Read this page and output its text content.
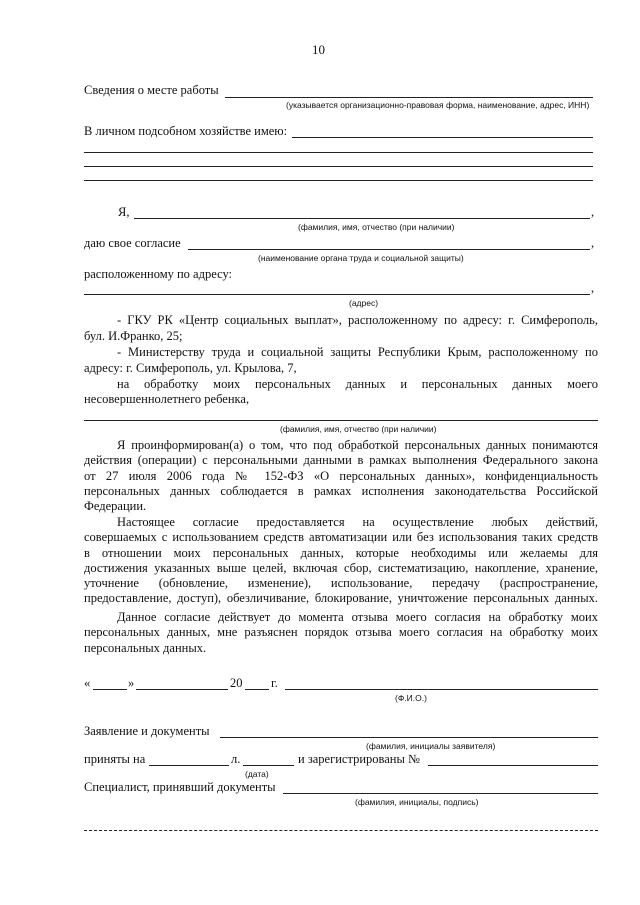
10
Сведения о месте работы
(указывается организационно-правовая форма, наименование, адрес, ИНН)
В личном подсобном хозяйстве имею:
Я,	,
(фамилия, имя, отчество (при наличии)
даю свое согласие	,
(наименование органа труда и социальной защиты)
расположенному по адресу:
,
(адрес)
- ГКУ РК «Центр социальных выплат», расположенному по адресу: г. Симферополь,
бул. И.Франко, 25;
- Министерству труда и социальной защиты Республики Крым, расположенному по
адресу: г. Симферополь, ул. Крылова, 7,
на обработку моих персональных данных и персональных данных моего
несовершеннолетнего ребенка,
(фамилия, имя, отчество (при наличии)
Я проинформирован(а) о том, что под обработкой персональных данных понимаются
действия (операции) с персональными данными в рамках выполнения Федерального закона
от 27 июля 2006 года № 152-ФЗ «О персональных данных», конфиденциальность
персональных данных соблюдается в рамках исполнения законодательства Российской
Федерации.
Настоящее согласие предоставляется на осуществление любых действий,
совершаемых с использованием средств автоматизации или без использования таких средств
в отношении моих персональных данных, которые необходимы или желаемы для
достижения указанных выше целей, включая сбор, систематизацию, накопление, хранение,
уточнение (обновление, изменение), использование, передачу (распространение,
предоставление, доступ), обезличивание, блокирование, уничтожение персональных данных.
Данное согласие действует до момента отзыва моего согласия на обработку моих
персональных данных, мне разъяснен порядок отзыва моего согласия на обработку моих
персональных данных.
«	»	20 г.
(Ф.И.О.)
Заявление и документы
(фамилия, инициалы заявителя)
приняты на	л.	и зарегистрированы №
(дата)
Специалист, принявший документы
(фамилия, инициалы, подпись)
